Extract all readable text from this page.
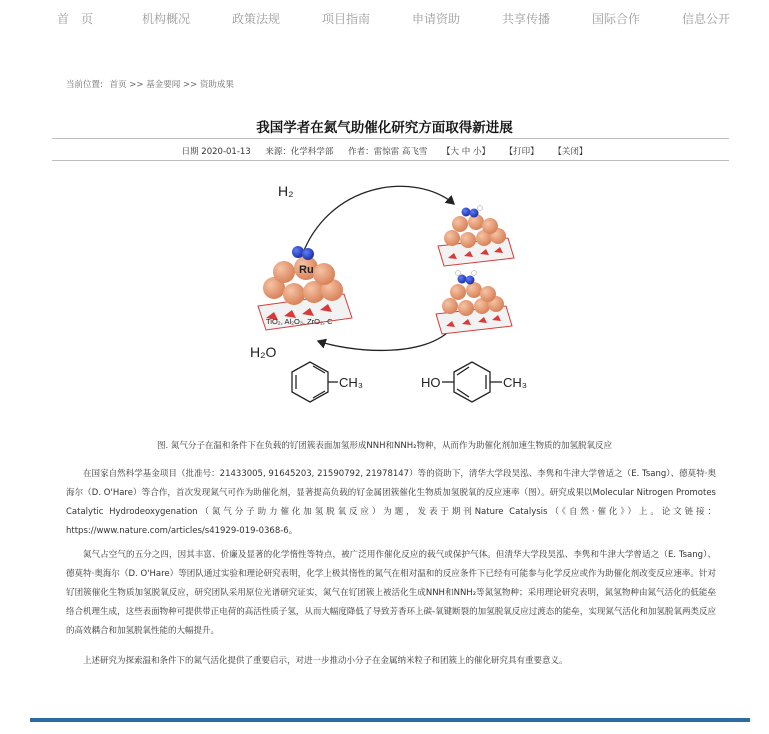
首　页	机构概况	政策法规	项目指南	申请资助	共享传播	国际合作	信息公开
当前位置: 首页 >> 基金要闻 >> 资助成果
我国学者在氮气助催化研究方面取得新进展
日期 2020-01-13 来源：化学科学部 作者：雷惊雷 高飞雪 【大 中 小】 【打印】 【关闭】
H₂
H₂O
Ru
TiO₂, Al₂O₃, ZrO₂, C
CH₃	HO	CH₃
图. 氮气分子在温和条件下在负载的钌团簇表面加氢形成NNH和NNH₂物种，从而作为助催化剂加速生物质的加氢脱氧反应

在国家自然科学基金项目（批准号：21433005, 91645203, 21590792, 21978147）等的资助下，清华大学段昊泓、李隽和牛津大学曾适之（E. Tsang）、德莫特·奥海尔（D. O'Hare）等合作，首次发现氮气可作为助催化剂，显著提高负载的钌金属团簇催化生物质加氢脱氧的反应速率（图）。研究成果以Molecular Nitrogen Promotes Catalytic Hydrodeoxygenation（氮气分子助力催化加氢脱氧反应）为题，发表于期刊Nature Catalysis（《自然·催化》）上。论文链接：https://www.nature.com/articles/s41929-019-0368-6。

氮气占空气的五分之四，因其丰富、价廉及显著的化学惰性等特点，被广泛用作催化反应的载气或保护气体。但清华大学段昊泓、李隽和牛津大学曾适之（E. Tsang）、德莫特·奥海尔（D. O'Hare）等团队通过实验和理论研究表明，化学上极其惰性的氮气在相对温和的反应条件下已经有可能参与化学反应或作为助催化剂改变反应速率。针对钌团簇催化生物质加氢脱氧反应，研究团队采用原位光谱研究证实，氮气在钌团簇上被活化生成NNH和NNH₂等氮氢物种；采用理论研究表明，氮氢物种由氮气活化的低能垒络合机理生成，这些表面物种可提供带正电荷的高活性质子氢，从而大幅度降低了导致芳香环上碳-氧键断裂的加氢脱氧反应过渡态的能垒，实现氮气活化和加氢脱氧两类反应的高效耦合和加氢脱氧性能的大幅提升。

上述研究为探索温和条件下的氮气活化提供了重要启示，对进一步推动小分子在金属纳米粒子和团簇上的催化研究具有重要意义。
